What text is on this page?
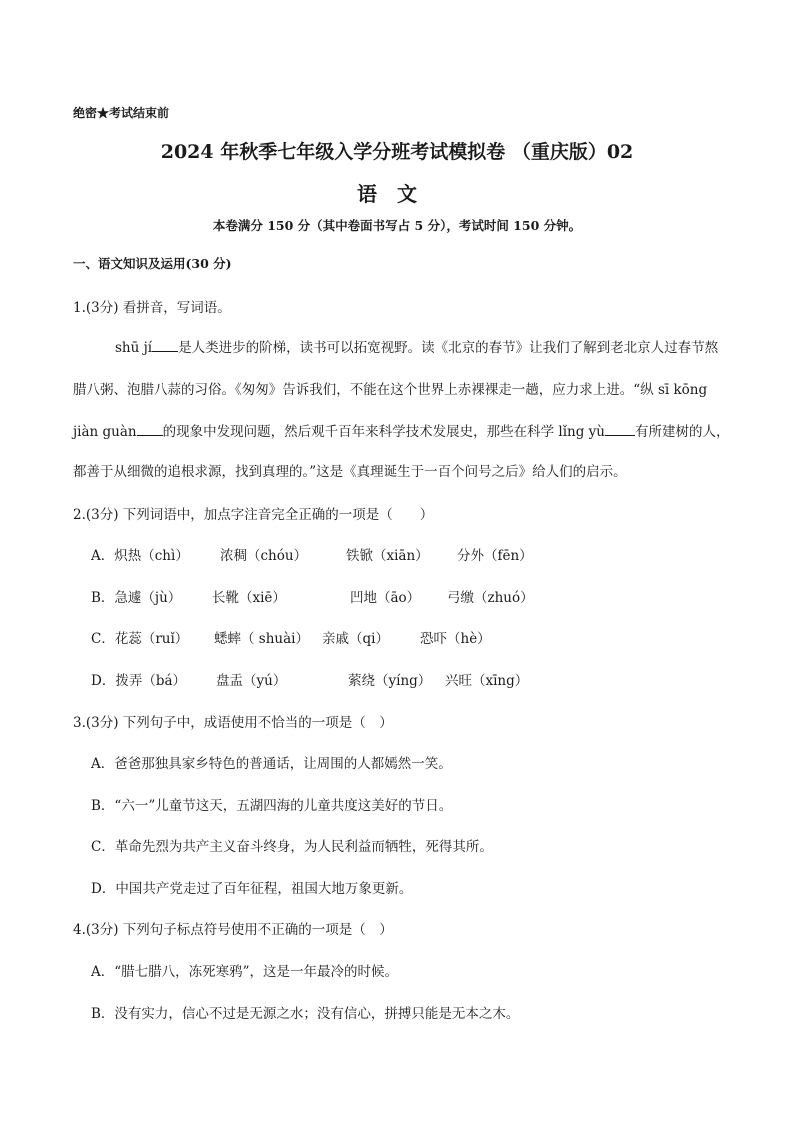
绝密★考试结束前
2024 年秋季七年级入学分班考试模拟卷 （重庆版）02
语文
本卷满分 150 分（其中卷面书写占 5 分），考试时间 150 分钟。
一、语文知识及运用(30 分)
1.(3分) 看拼音，写词语。
shū jí 是人类进步的阶梯，读书可以拓宽视野。读《北京的春节》让我们了解到老北京人过春节熬
腊八粥、泡腊八蒜的习俗。《匆匆》告诉我们，不能在这个世界上赤裸裸走一趟，应力求上进。“纵 sī kōng
jiàn guàn 的现象中发现问题，然后观千百年来科学技术发展史，那些在科学 lǐng yù 有所建树的人，
都善于从细微的追根求源，找到真理的。”这是《真理诞生于一百个问号之后》给人们的启示。
2.(3分) 下列词语中，加点字注音完全正确的一项是（　　）
A．炽热（chì） 浓稠（chóu）	铁锨（xiān） 分外（fēn）
B．急遽（jù） 长靴（xiē）	凹地（āo） 弓缴（zhuó）
C．花蕊（ruǐ） 蟋蟀（ shuài） 亲戚（qi） 恐吓（hè）
D．拨弄（bá） 盘盂（yú）	萦绕（yíng） 兴旺（xīng）
3.(3分) 下列句子中，成语使用不恰当的一项是（　）
A．爸爸那独具家乡特色的普通话，让周围的人都嫣然一笑。
B．“六一”儿童节这天，五湖四海的儿童共度这美好的节日。
C．革命先烈为共产主义奋斗终身，为人民利益而牺牲，死得其所。
D．中国共产党走过了百年征程，祖国大地万象更新。
4.(3分) 下列句子标点符号使用不正确的一项是（　）
A．“腊七腊八，冻死寒鸦”，这是一年最冷的时候。
B．没有实力，信心不过是无源之水；没有信心，拼搏只能是无本之木。
